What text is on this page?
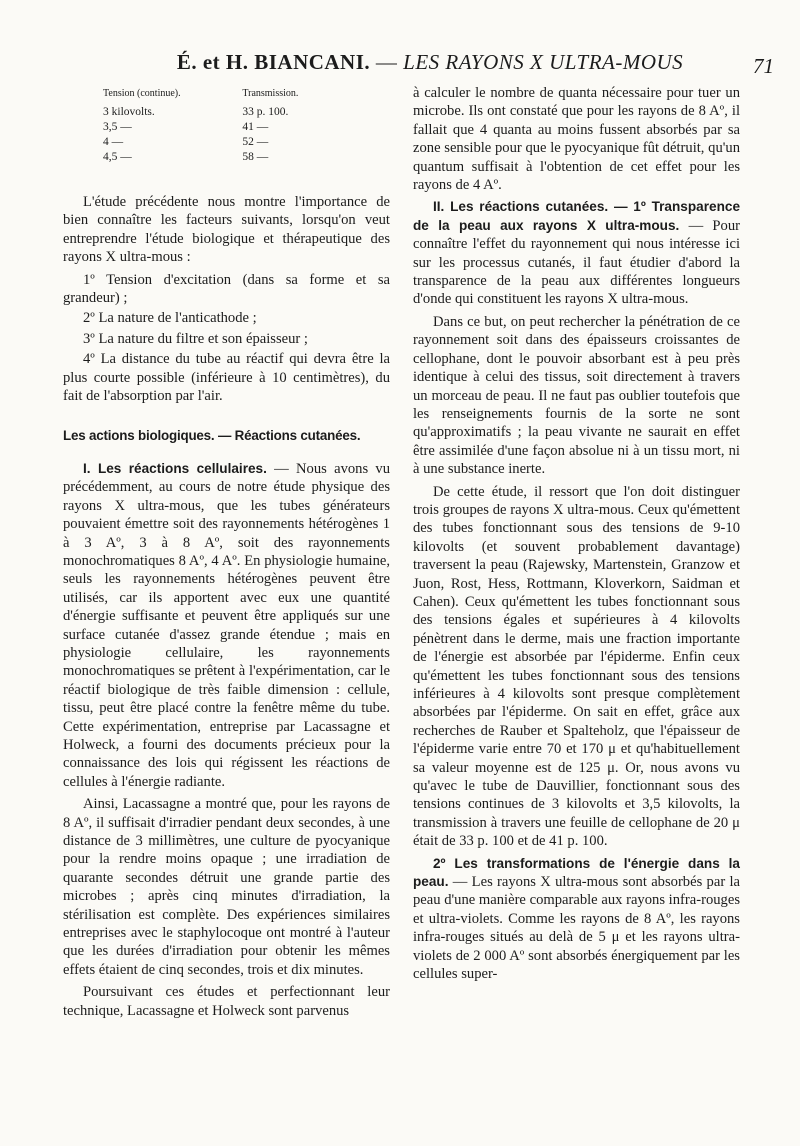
É. et H. BIANCANI. — LES RAYONS X ULTRA-MOUS	71
Tension (continue).	Transmission.
3 kilovolts.	33 p. 100.
3,5 —	41 —
4 —	52 —
4,5 —	58 —

L'étude précédente nous montre l'importance de bien connaître les facteurs suivants, lorsqu'on veut entreprendre l'étude biologique et thérapeutique des rayons X ultra-mous :

1º Tension d'excitation (dans sa forme et sa grandeur) ;

2º La nature de l'anticathode ;

3º La nature du filtre et son épaisseur ;

4º La distance du tube au réactif qui devra être la plus courte possible (inférieure à 10 centimètres), du fait de l'absorption par l'air.

Les actions biologiques. — Réactions cutanées.

I. Les réactions cellulaires. — Nous avons vu précédemment, au cours de notre étude physique des rayons X ultra-mous, que les tubes générateurs pouvaient émettre soit des rayonnements hétérogènes 1 à 3 Aº, 3 à 8 Aº, soit des rayonnements monochromatiques 8 Aº, 4 Aº. En physiologie humaine, seuls les rayonnements hétérogènes peuvent être utilisés, car ils apportent avec eux une quantité d'énergie suffisante et peuvent être appliqués sur une surface cutanée d'assez grande étendue ; mais en physiologie cellulaire, les rayonnements monochromatiques se prêtent à l'expérimentation, car le réactif biologique de très faible dimension : cellule, tissu, peut être placé contre la fenêtre même du tube. Cette expérimentation, entreprise par Lacassagne et Holweck, a fourni des documents précieux pour la connaissance des lois qui régissent les réactions de cellules à l'énergie radiante.

Ainsi, Lacassagne a montré que, pour les rayons de 8 Aº, il suffisait d'irradier pendant deux secondes, à une distance de 3 millimètres, une culture de pyocyanique pour la rendre moins opaque ; une irradiation de quarante secondes détruit une grande partie des microbes ; après cinq minutes d'irradiation, la stérilisation est complète. Des expériences similaires entreprises avec le staphylocoque ont montré à l'auteur que les durées d'irradiation pour obtenir les mêmes effets étaient de cinq secondes, trois et dix minutes.

Poursuivant ces études et perfectionnant leur technique, Lacassagne et Holweck sont parvenus

à calculer le nombre de quanta nécessaire pour tuer un microbe. Ils ont constaté que pour les rayons de 8 Aº, il fallait que 4 quanta au moins fussent absorbés par sa zone sensible pour que le pyocyanique fût détruit, qu'un quantum suffisait à l'obtention de cet effet pour les rayons de 4 Aº.

II. Les réactions cutanées. — 1º Transparence de la peau aux rayons X ultra-mous. — Pour connaître l'effet du rayonnement qui nous intéresse ici sur les processus cutanés, il faut étudier d'abord la transparence de la peau aux différentes longueurs d'onde qui constituent les rayons X ultra-mous.

Dans ce but, on peut rechercher la pénétration de ce rayonnement soit dans des épaisseurs croissantes de cellophane, dont le pouvoir absorbant est à peu près identique à celui des tissus, soit directement à travers un morceau de peau. Il ne faut pas oublier toutefois que les renseignements fournis de la sorte ne sont qu'approximatifs ; la peau vivante ne saurait en effet être assimilée d'une façon absolue ni à un tissu mort, ni à une substance inerte.

De cette étude, il ressort que l'on doit distinguer trois groupes de rayons X ultra-mous. Ceux qu'émettent des tubes fonctionnant sous des tensions de 9-10 kilovolts (et souvent probablement davantage) traversent la peau (Rajewsky, Martenstein, Granzow et Juon, Rost, Hess, Rottmann, Kloverkorn, Saidman et Cahen). Ceux qu'émettent les tubes fonctionnant sous des tensions égales et supérieures à 4 kilovolts pénètrent dans le derme, mais une fraction importante de l'énergie est absorbée par l'épiderme. Enfin ceux qu'émettent les tubes fonctionnant sous des tensions inférieures à 4 kilovolts sont presque complètement absorbées par l'épiderme. On sait en effet, grâce aux recherches de Rauber et Spalteholz, que l'épaisseur de l'épiderme varie entre 70 et 170 μ et qu'habituellement sa valeur moyenne est de 125 μ. Or, nous avons vu qu'avec le tube de Dauvillier, fonctionnant sous des tensions continues de 3 kilovolts et 3,5 kilovolts, la transmission à travers une feuille de cellophane de 20 μ était de 33 p. 100 et de 41 p. 100.

2º Les transformations de l'énergie dans la peau. — Les rayons X ultra-mous sont absorbés par la peau d'une manière comparable aux rayons infra-rouges et ultra-violets. Comme les rayons de 8 Aº, les rayons infra-rouges situés au delà de 5 μ et les rayons ultra-violets de 2 000 Aº sont absorbés énergiquement par les cellules super-
